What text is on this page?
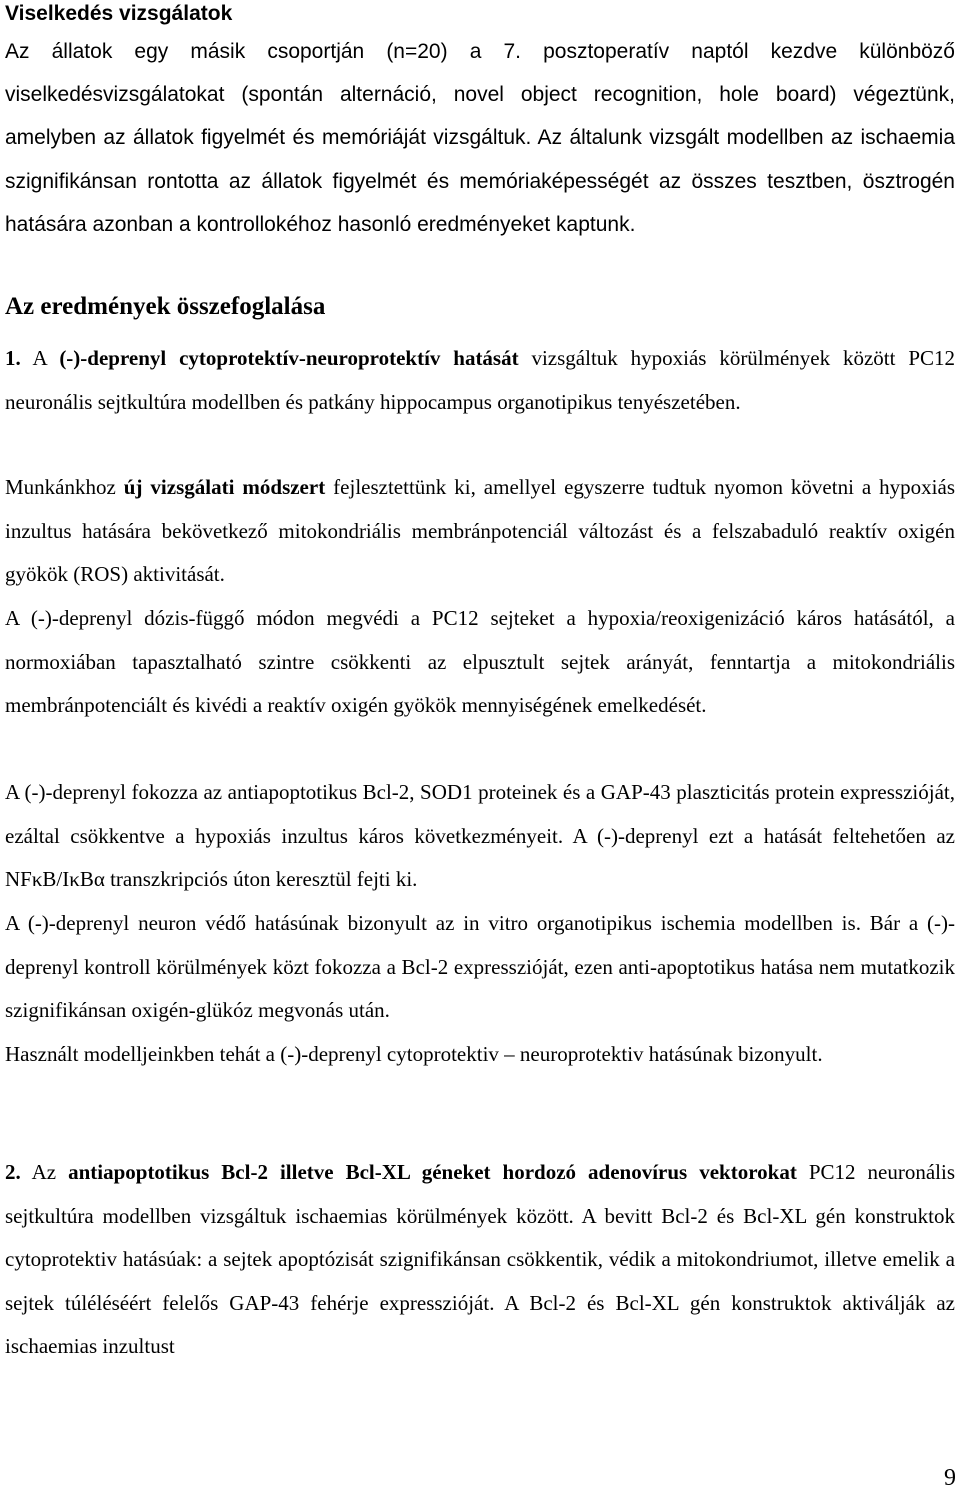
Viselkedés vizsgálatok

Az állatok egy másik csoportján (n=20) a 7. posztoperatív naptól kezdve különböző viselkedésvizsgálatokat (spontán alternáció, novel object recognition, hole board) végeztünk, amelyben az állatok figyelmét és memóriáját vizsgáltuk. Az általunk vizsgált modellben az ischaemia szignifikánsan rontotta az állatok figyelmét és memóriaképességét az összes tesztben, ösztrogén hatására azonban a kontrollokéhoz hasonló eredményeket kaptunk.

Az eredmények összefoglalása

1. A (-)-deprenyl cytoprotektív-neuroprotektív hatását vizsgáltuk hypoxiás körülmények között PC12 neuronális sejtkultúra modellben és patkány hippocampus organotipikus tenyészetében.

Munkánkhoz új vizsgálati módszert fejlesztettünk ki, amellyel egyszerre tudtuk nyomon követni a hypoxiás inzultus hatására bekövetkező mitokondriális membránpotenciál változást és a felszabaduló reaktív oxigén gyökök (ROS) aktivitását.

A (-)-deprenyl dózis-függő módon megvédi a PC12 sejteket a hypoxia/reoxigenizáció káros hatásától, a normoxiában tapasztalható szintre csökkenti az elpusztult sejtek arányát, fenntartja a mitokondriális membránpotenciált és kivédi a reaktív oxigén gyökök mennyiségének emelkedését.

A (-)-deprenyl fokozza az antiapoptotikus Bcl-2, SOD1 proteinek és a GAP-43 plaszticitás protein expresszióját, ezáltal csökkentve a hypoxiás inzultus káros következményeit. A (-)-deprenyl ezt a hatását feltehetően az NFκB/IκBα transzkripciós úton keresztül fejti ki.

A (-)-deprenyl neuron védő hatásúnak bizonyult az in vitro organotipikus ischemia modellben is. Bár a (-)-deprenyl kontroll körülmények közt fokozza a Bcl-2 expresszióját, ezen anti-apoptotikus hatása nem mutatkozik szignifikánsan oxigén-glükóz megvonás után.

Használt modelljeinkben tehát a (-)-deprenyl cytoprotektiv – neuroprotektiv hatásúnak bizonyult.

2. Az antiapoptotikus Bcl-2 illetve Bcl-XL géneket hordozó adenovírus vektorokat PC12 neuronális sejtkultúra modellben vizsgáltuk ischaemias körülmények között. A bevitt Bcl-2 és Bcl-XL gén konstruktok cytoprotektiv hatásúak: a sejtek apoptózisát szignifikánsan csökkentik, védik a mitokondriumot, illetve emelik a sejtek túléléséért felelős GAP-43 fehérje expresszióját. A Bcl-2 és Bcl-XL gén konstruktok aktiválják az ischaemias inzultust

9
